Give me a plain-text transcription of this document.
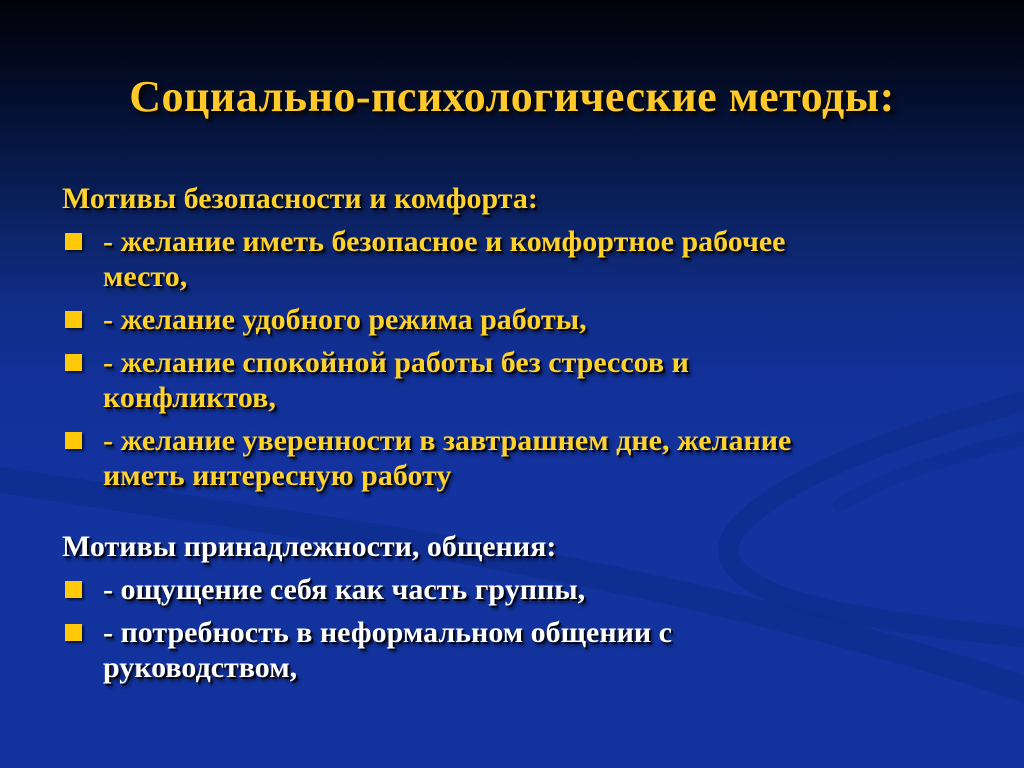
Социально-психологические методы:
Мотивы безопасности и комфорта:
- желание иметь безопасное и комфортное рабочее место,
- желание удобного режима работы,
- желание спокойной работы без стрессов и конфликтов,
- желание уверенности в завтрашнем дне, желание иметь интересную работу
Мотивы принадлежности, общения:
- ощущение себя как часть группы,
- потребность в неформальном общении с руководством,
